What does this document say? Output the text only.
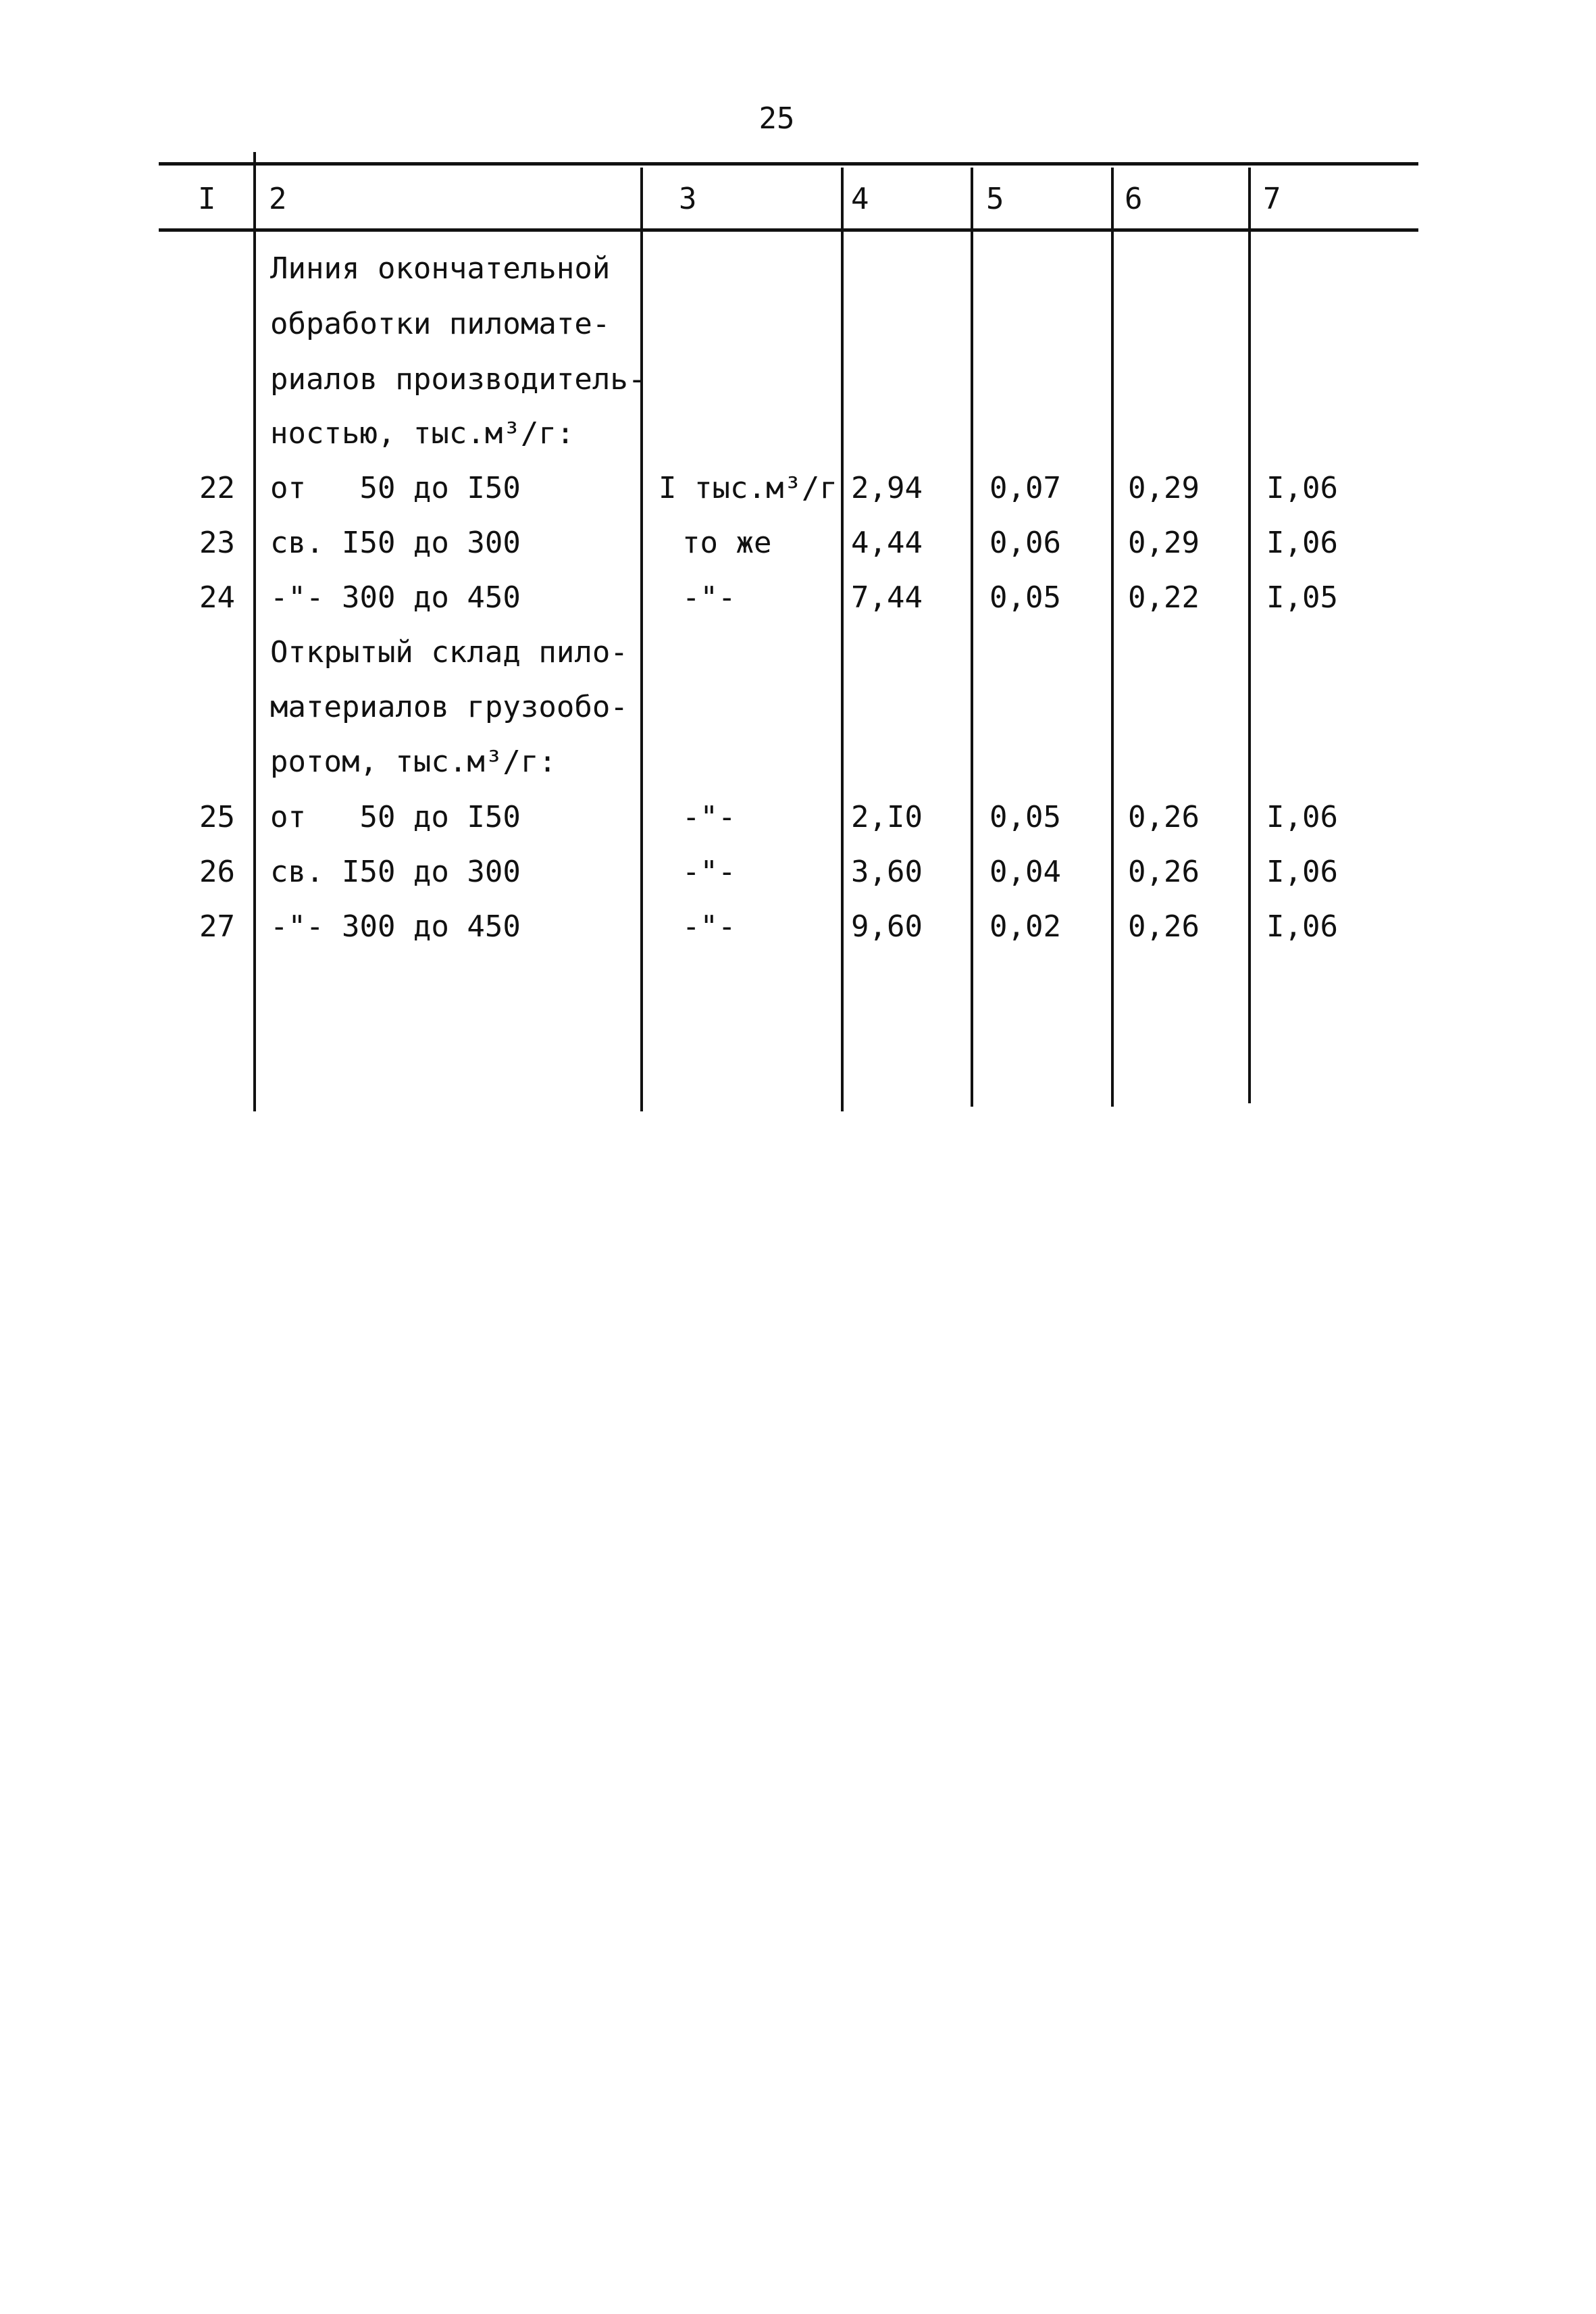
25
I 2	3	4	5	6	7
Линия окончательной
обработки пиломате-
риалов производитель-
ностью, тыс.м³/г:
22 от   50 до I50	I тыс.м³/г 2,94 0,07 0,29 I,06
23 св. I50 до 300	то же	4,44 0,06 0,29 I,06
24 -"- 300 до 450	-"-	7,44 0,05 0,22 I,05
Открытый склад пило-
материалов грузообо-
ротом, тыс.м³/г:
25 от   50 до I50	-"-	2,I0 0,05 0,26 I,06
26 св. I50 до 300	-"-	3,60 0,04 0,26 I,06
27 -"- 300 до 450	-"-	9,60 0,02 0,26 I,06
